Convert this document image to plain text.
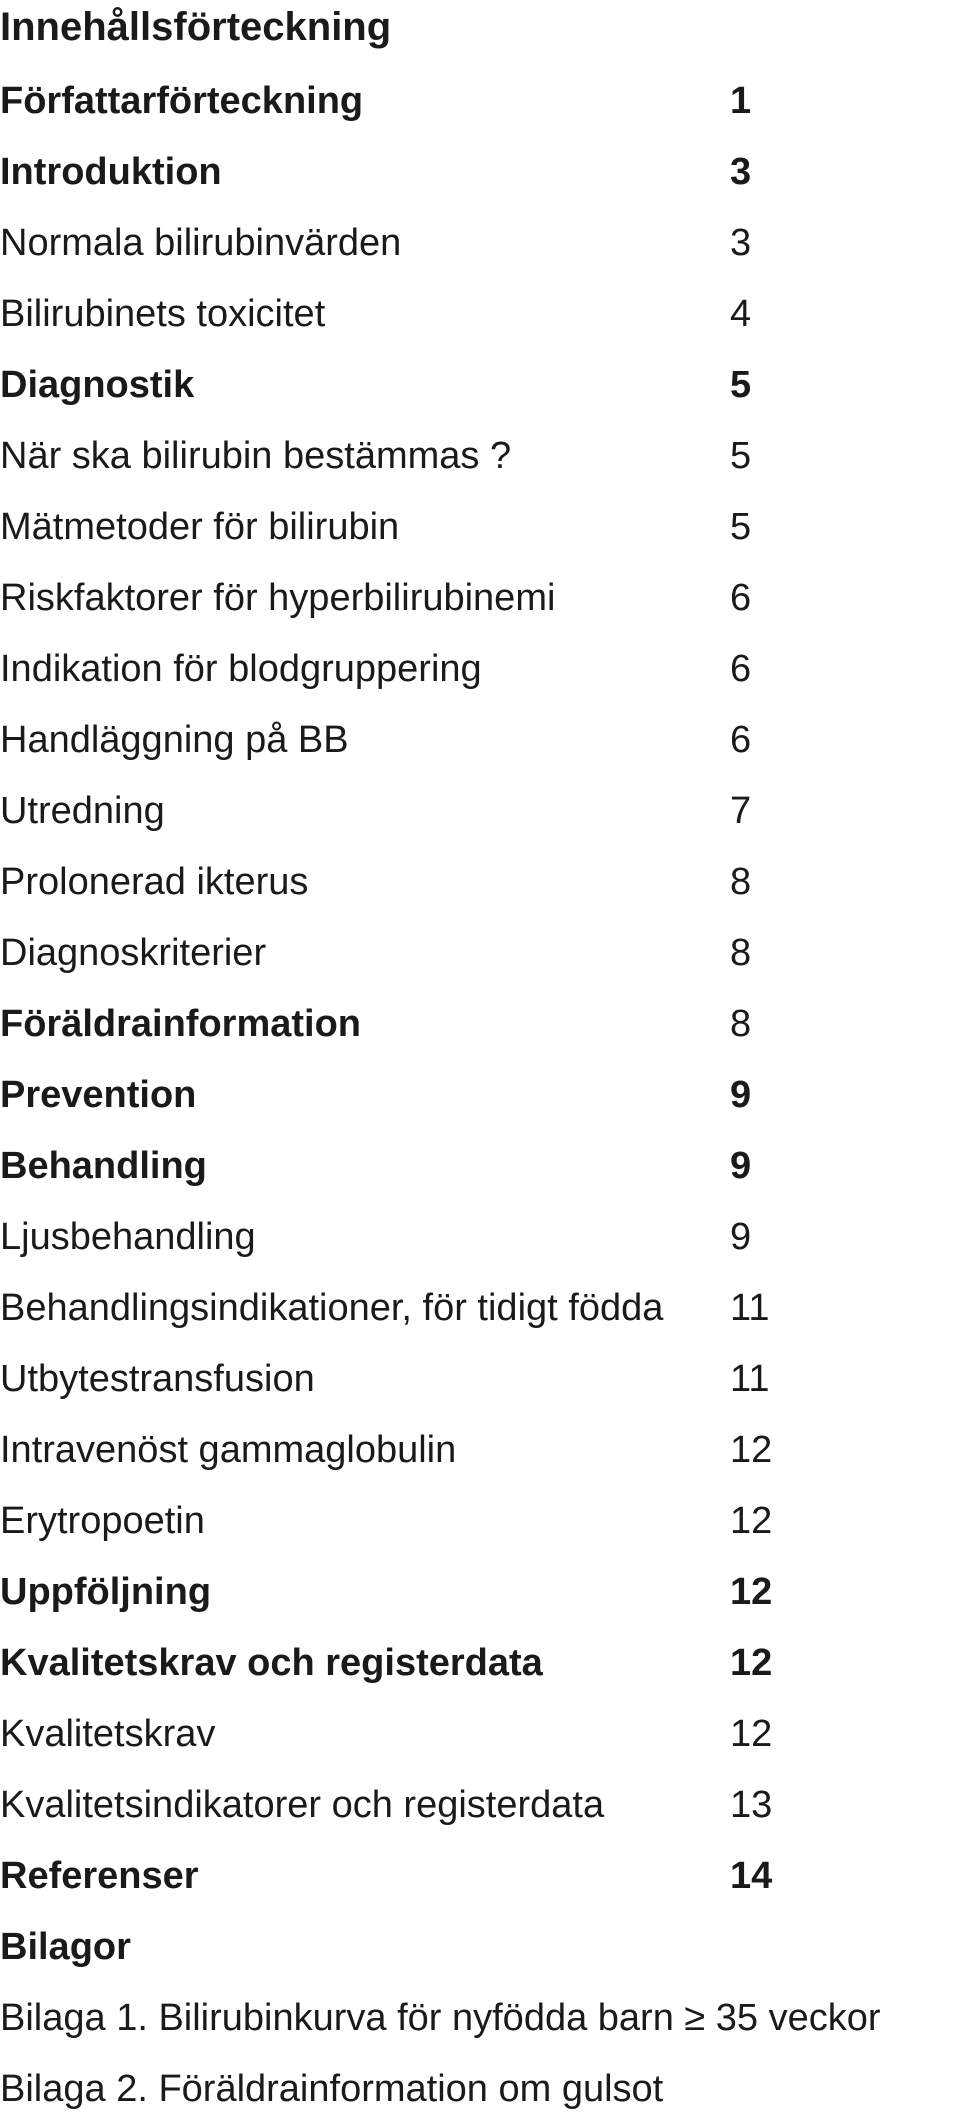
Innehållsförteckning
Författarförteckning	1
Introduktion	3
Normala bilirubinvärden	3
Bilirubinets toxicitet	4
Diagnostik	5
När ska bilirubin bestämmas ?	5
Mätmetoder för bilirubin	5
Riskfaktorer för hyperbilirubinemi	6
Indikation för blodgruppering	6
Handläggning på BB	6
Utredning	7
Prolonerad ikterus	8
Diagnoskriterier	8
Föräldrainformation	8
Prevention	9
Behandling	9
Ljusbehandling	9
Behandlingsindikationer, för tidigt födda 11
Utbytestransfusion	11
Intravenöst gammaglobulin	12
Erytropoetin	12
Uppföljning	12
Kvalitetskrav och registerdata	12
Kvalitetskrav	12
Kvalitetsindikatorer och registerdata	13
Referenser	14
Bilagor
Bilaga 1. Bilirubinkurva för nyfödda barn ≥ 35 veckor
Bilaga 2. Föräldrainformation om gulsot
